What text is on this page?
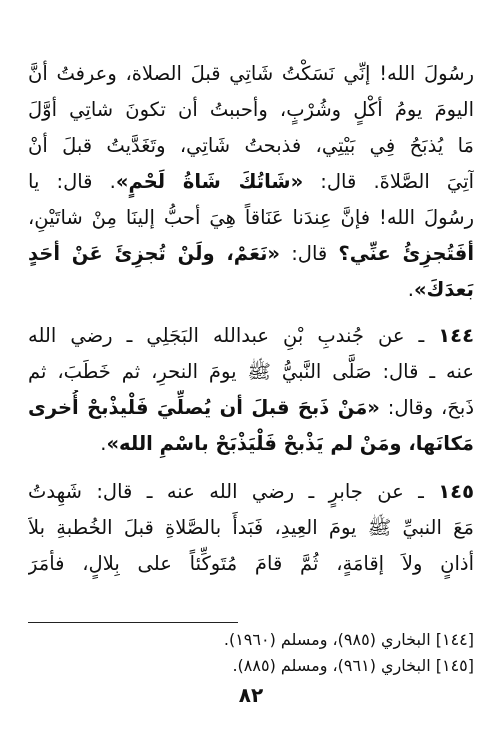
رسُولَ الله! إنِّي نَسَكْتُ شَاتِي قبلَ الصلاة، وعرفتُ أنَّ
اليومَ يومُ أكْلٍ وشُرْبٍ، وأحببتُ أن تكونَ شاتِي أوَّلَ
مَا يُذبَحُ فِي بَيْتِي، فذبحتُ شَاتِي، وتَغَدَّيتُ قبلَ أنْ
آتِيَ الصَّلاةَ. قال: «شَاتُكَ شَاةُ لَحْمٍ». قال: يا
رسُولَ الله! فإنَّ عِندَنا عَنَاقاً هِيَ أحبُّ إلينَا مِنْ شاتَيْنِ،
أفَتُجزِئُ عنِّي؟ قال: «نَعَمْ، ولَنْ تُجزِئَ عَنْ أحَدٍ
بَعدَكَ».
١٤٤ ـ عن جُندبِ بْنِ عبدالله البَجَلِي ـ رضي الله
عنه ـ قال: صَلَّى النَّبيُّ ﷺ يومَ النحرِ، ثم خَطَبَ، ثم
ذَبحَ، وقال: «مَنْ ذَبحَ قبلَ أن يُصلِّيَ فَلْيذْبحْ أُخرى
مَكانَها، ومَنْ لم يَذْبحْ فَلْيَذْبَحْ باسْمِ الله».
١٤٥ ـ عن جابرٍ ـ رضي الله عنه ـ قال: شَهِدتُ
مَعَ النبيِّ ﷺ يومَ العِيدِ، فَبَدأَ بالصَّلاةِ قبلَ الخُطبةِ بلاَ
أذانٍ ولاَ إقامَةٍ، ثُمَّ قامَ مُتَوكِّئاً على بِلالٍ، فأمَرَ
[١٤٤] البخاري (٩٨٥)، ومسلم (١٩٦٠).
[١٤٥] البخاري (٩٦١)، ومسلم (٨٨٥).
٨٢
